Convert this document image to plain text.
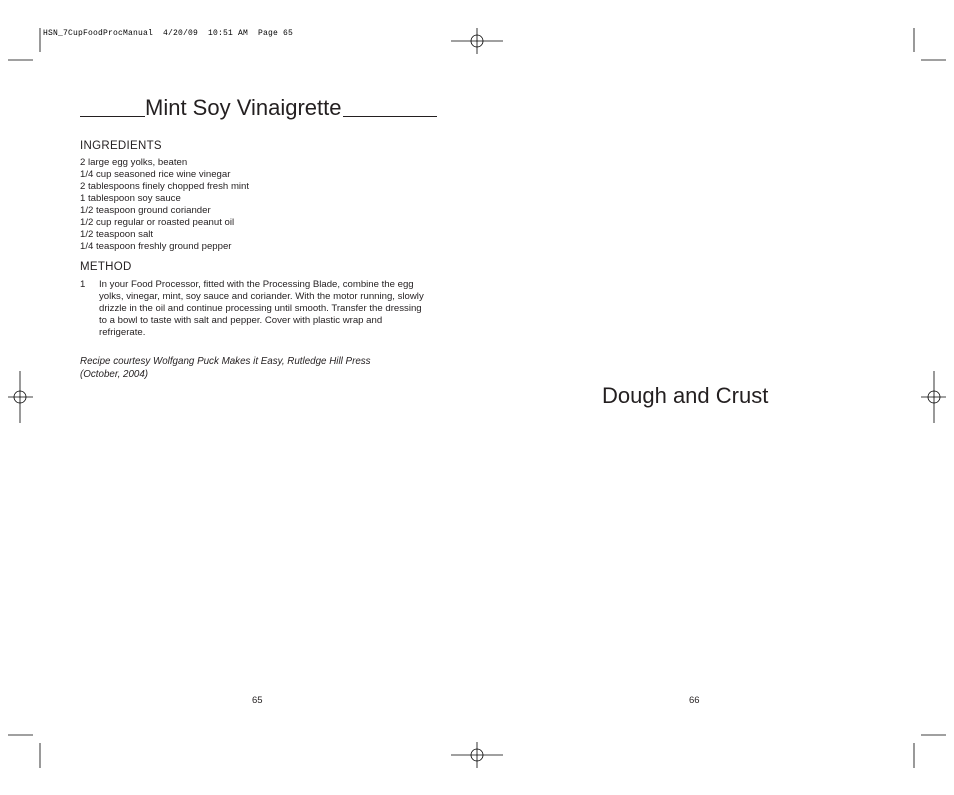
HSN_7CupFoodProcManual  4/20/09  10:51 AM  Page 65
Mint Soy Vinaigrette
INGREDIENTS
2 large egg yolks, beaten
1/4 cup seasoned rice wine vinegar
2 tablespoons finely chopped fresh mint
1 tablespoon soy sauce
1/2 teaspoon ground coriander
1/2 cup regular or roasted peanut oil
1/2 teaspoon salt
1/4 teaspoon freshly ground pepper
METHOD
1	In your Food Processor, fitted with the Processing Blade, combine the egg yolks, vinegar, mint, soy sauce and coriander. With the motor running, slowly drizzle in the oil and continue processing until smooth. Transfer the dressing to a bowl to taste with salt and pepper. Cover with plastic wrap and refrigerate.
Recipe courtesy Wolfgang Puck Makes it Easy, Rutledge Hill Press
(October, 2004)
65
Dough and Crust
66
